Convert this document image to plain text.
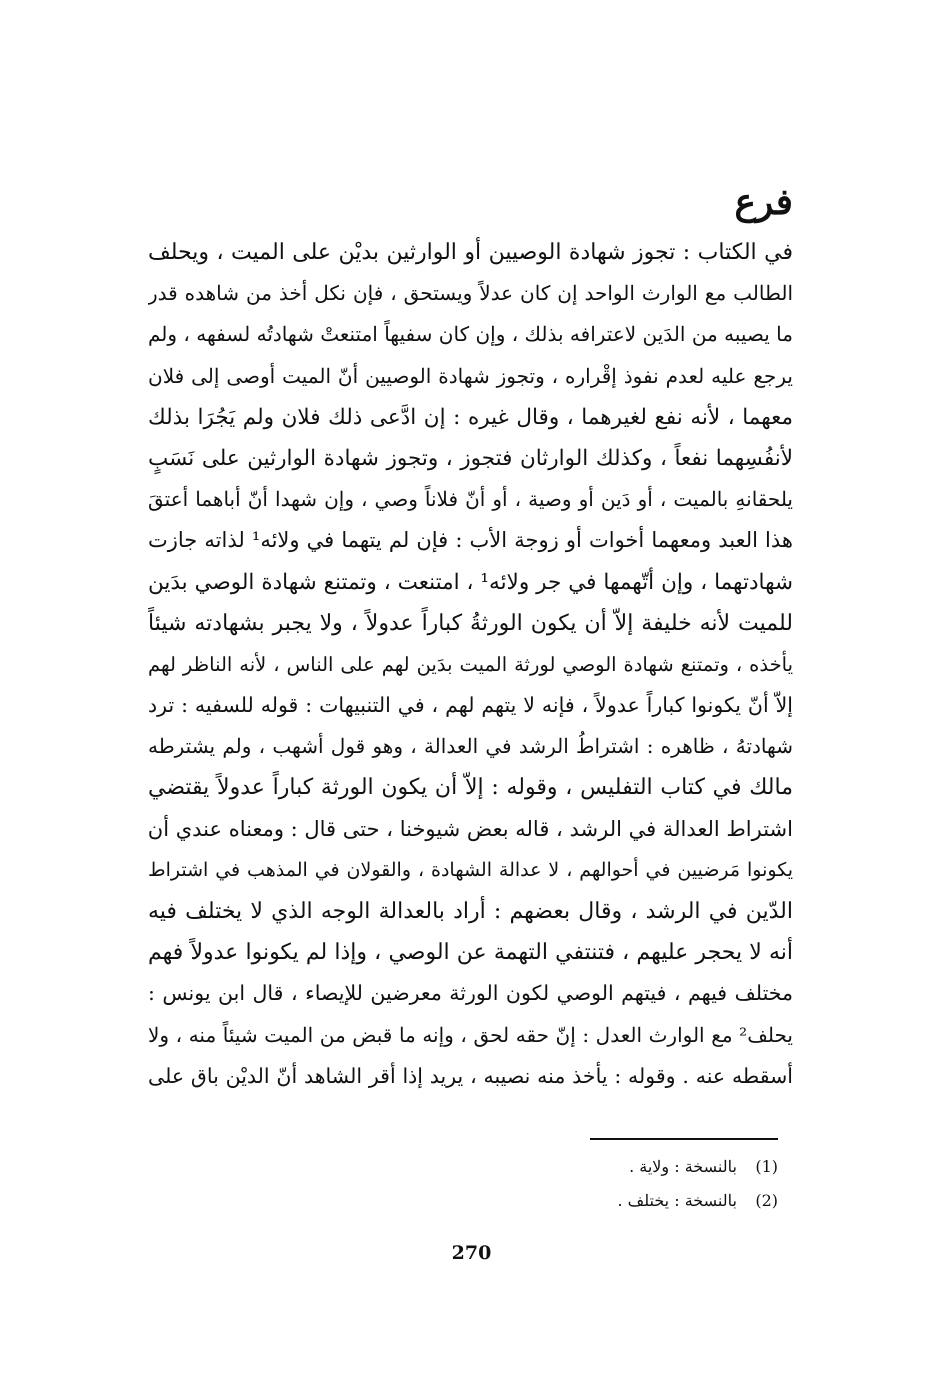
فرع
في الكتاب : تجوز شهادة الوصيين أو الوارثين بديْن على الميت ، ويحلف
الطالب مع الوارث الواحد إن كان عدلاً ويستحق ، فإن نكل أخذ من شاهده قدر
ما يصيبه من الدَين لاعترافه بذلك ، وإن كان سفيهاً امتنعتْ شهادتُه لسفهه ، ولم
يرجع عليه لعدم نفوذ إقْراره ، وتجوز شهادة الوصيين أنّ الميت أوصى إلى فلان
معهما ، لأنه نفع لغيرهما ، وقال غيره : إن ادَّعى ذلك فلان ولم يَجُرَا بذلك
لأنفُسِهما نفعاً ، وكذلك الوارثان فتجوز ، وتجوز شهادة الوارثين على نَسَبٍ
يلحقانهِ بالميت ، أو دَين أو وصية ، أو أنّ فلاناً وصي ، وإن شهدا أنّ أباهما أعتقَ
هذا العبد ومعهما أخوات أو زوجة الأب : فإن لم يتهما في ولائه¹ لذاته جازت
شهادتهما ، وإن أتّهمها في جر ولائه¹ ، امتنعت ، وتمتنع شهادة الوصي بدَين
للميت لأنه خليفة إلاّ أن يكون الورثةُ كباراً عدولاً ، ولا يجبر بشهادته شيئاً
يأخذه ، وتمتنع شهادة الوصي لورثة الميت بدَين لهم على الناس ، لأنه الناظر لهم
إلاّ أنّ يكونوا كباراً عدولاً ، فإنه لا يتهم لهم ، في التنبيهات : قوله للسفيه : ترد
شهادتهُ ، ظاهره : اشتراطُ الرشد في العدالة ، وهو قول أشهب ، ولم يشترطه
مالك في كتاب التفليس ، وقوله : إلاّ أن يكون الورثة كباراً عدولاً يقتضي
اشتراط العدالة في الرشد ، قاله بعض شيوخنا ، حتى قال : ومعناه عندي أن
يكونوا مَرضيين في أحوالهم ، لا عدالة الشهادة ، والقولان في المذهب في اشتراط
الدّين في الرشد ، وقال بعضهم : أراد بالعدالة الوجه الذي لا يختلف فيه
أنه لا يحجر عليهم ، فتنتفي التهمة عن الوصي ، وإذا لم يكونوا عدولاً فهم
مختلف فيهم ، فيتهم الوصي لكون الورثة معرضين للإيصاء ، قال ابن يونس :
يحلف² مع الوارث العدل : إنّ حقه لحق ، وإنه ما قبض من الميت شيئاً منه ، ولا
أسقطه عنه . وقوله : يأخذ منه نصيبه ، يريد إذا أقر الشاهد أنّ الديْن باق على
(1) بالنسخة : ولاية .
(2) بالنسخة : يختلف .
270
